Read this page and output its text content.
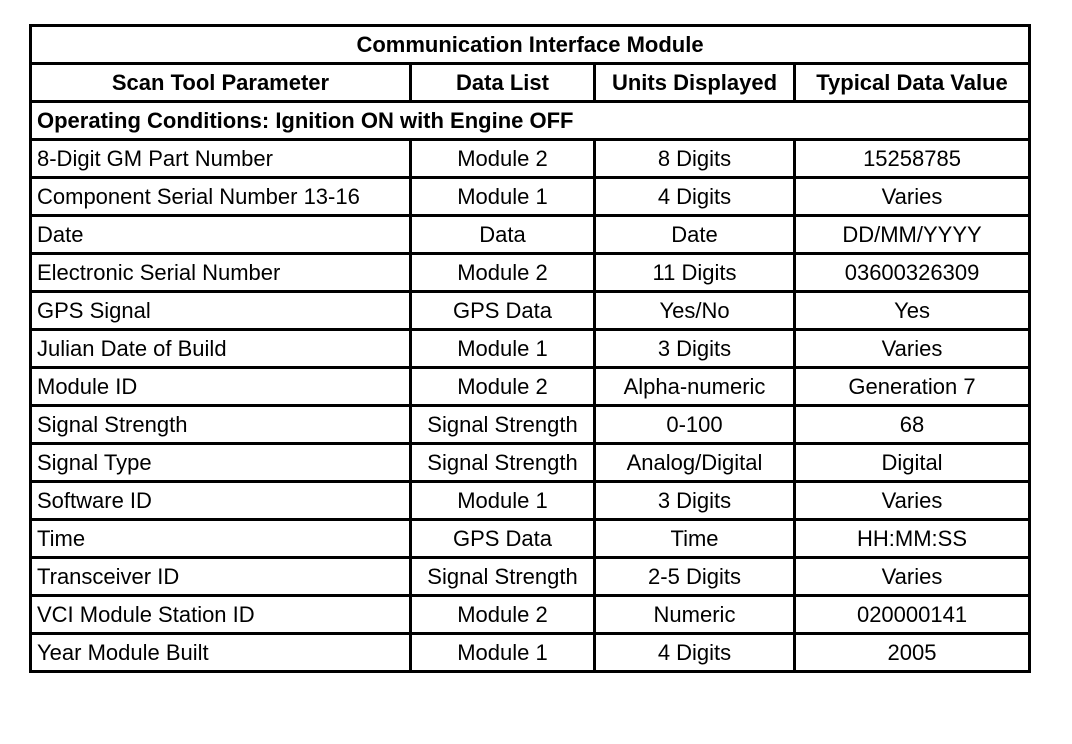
Communication Interface Module			
Scan Tool Parameter	Data List	Units Displayed	Typical Data Value
Operating Conditions: Ignition ON with Engine OFF			
8-Digit GM Part Number	Module 2	8 Digits	15258785
Component Serial Number 13-16	Module 1	4 Digits	Varies
Date	Data	Date	DD/MM/YYYY
Electronic Serial Number	Module 2	11 Digits	03600326309
GPS Signal	GPS Data	Yes/No	Yes
Julian Date of Build	Module 1	3 Digits	Varies
Module ID	Module 2	Alpha-numeric	Generation 7
Signal Strength	Signal Strength	0-100	68
Signal Type	Signal Strength	Analog/Digital	Digital
Software ID	Module 1	3 Digits	Varies
Time	GPS Data	Time	HH:MM:SS
Transceiver ID	Signal Strength	2-5 Digits	Varies
VCI Module Station ID	Module 2	Numeric	020000141
Year Module Built	Module 1	4 Digits	2005
